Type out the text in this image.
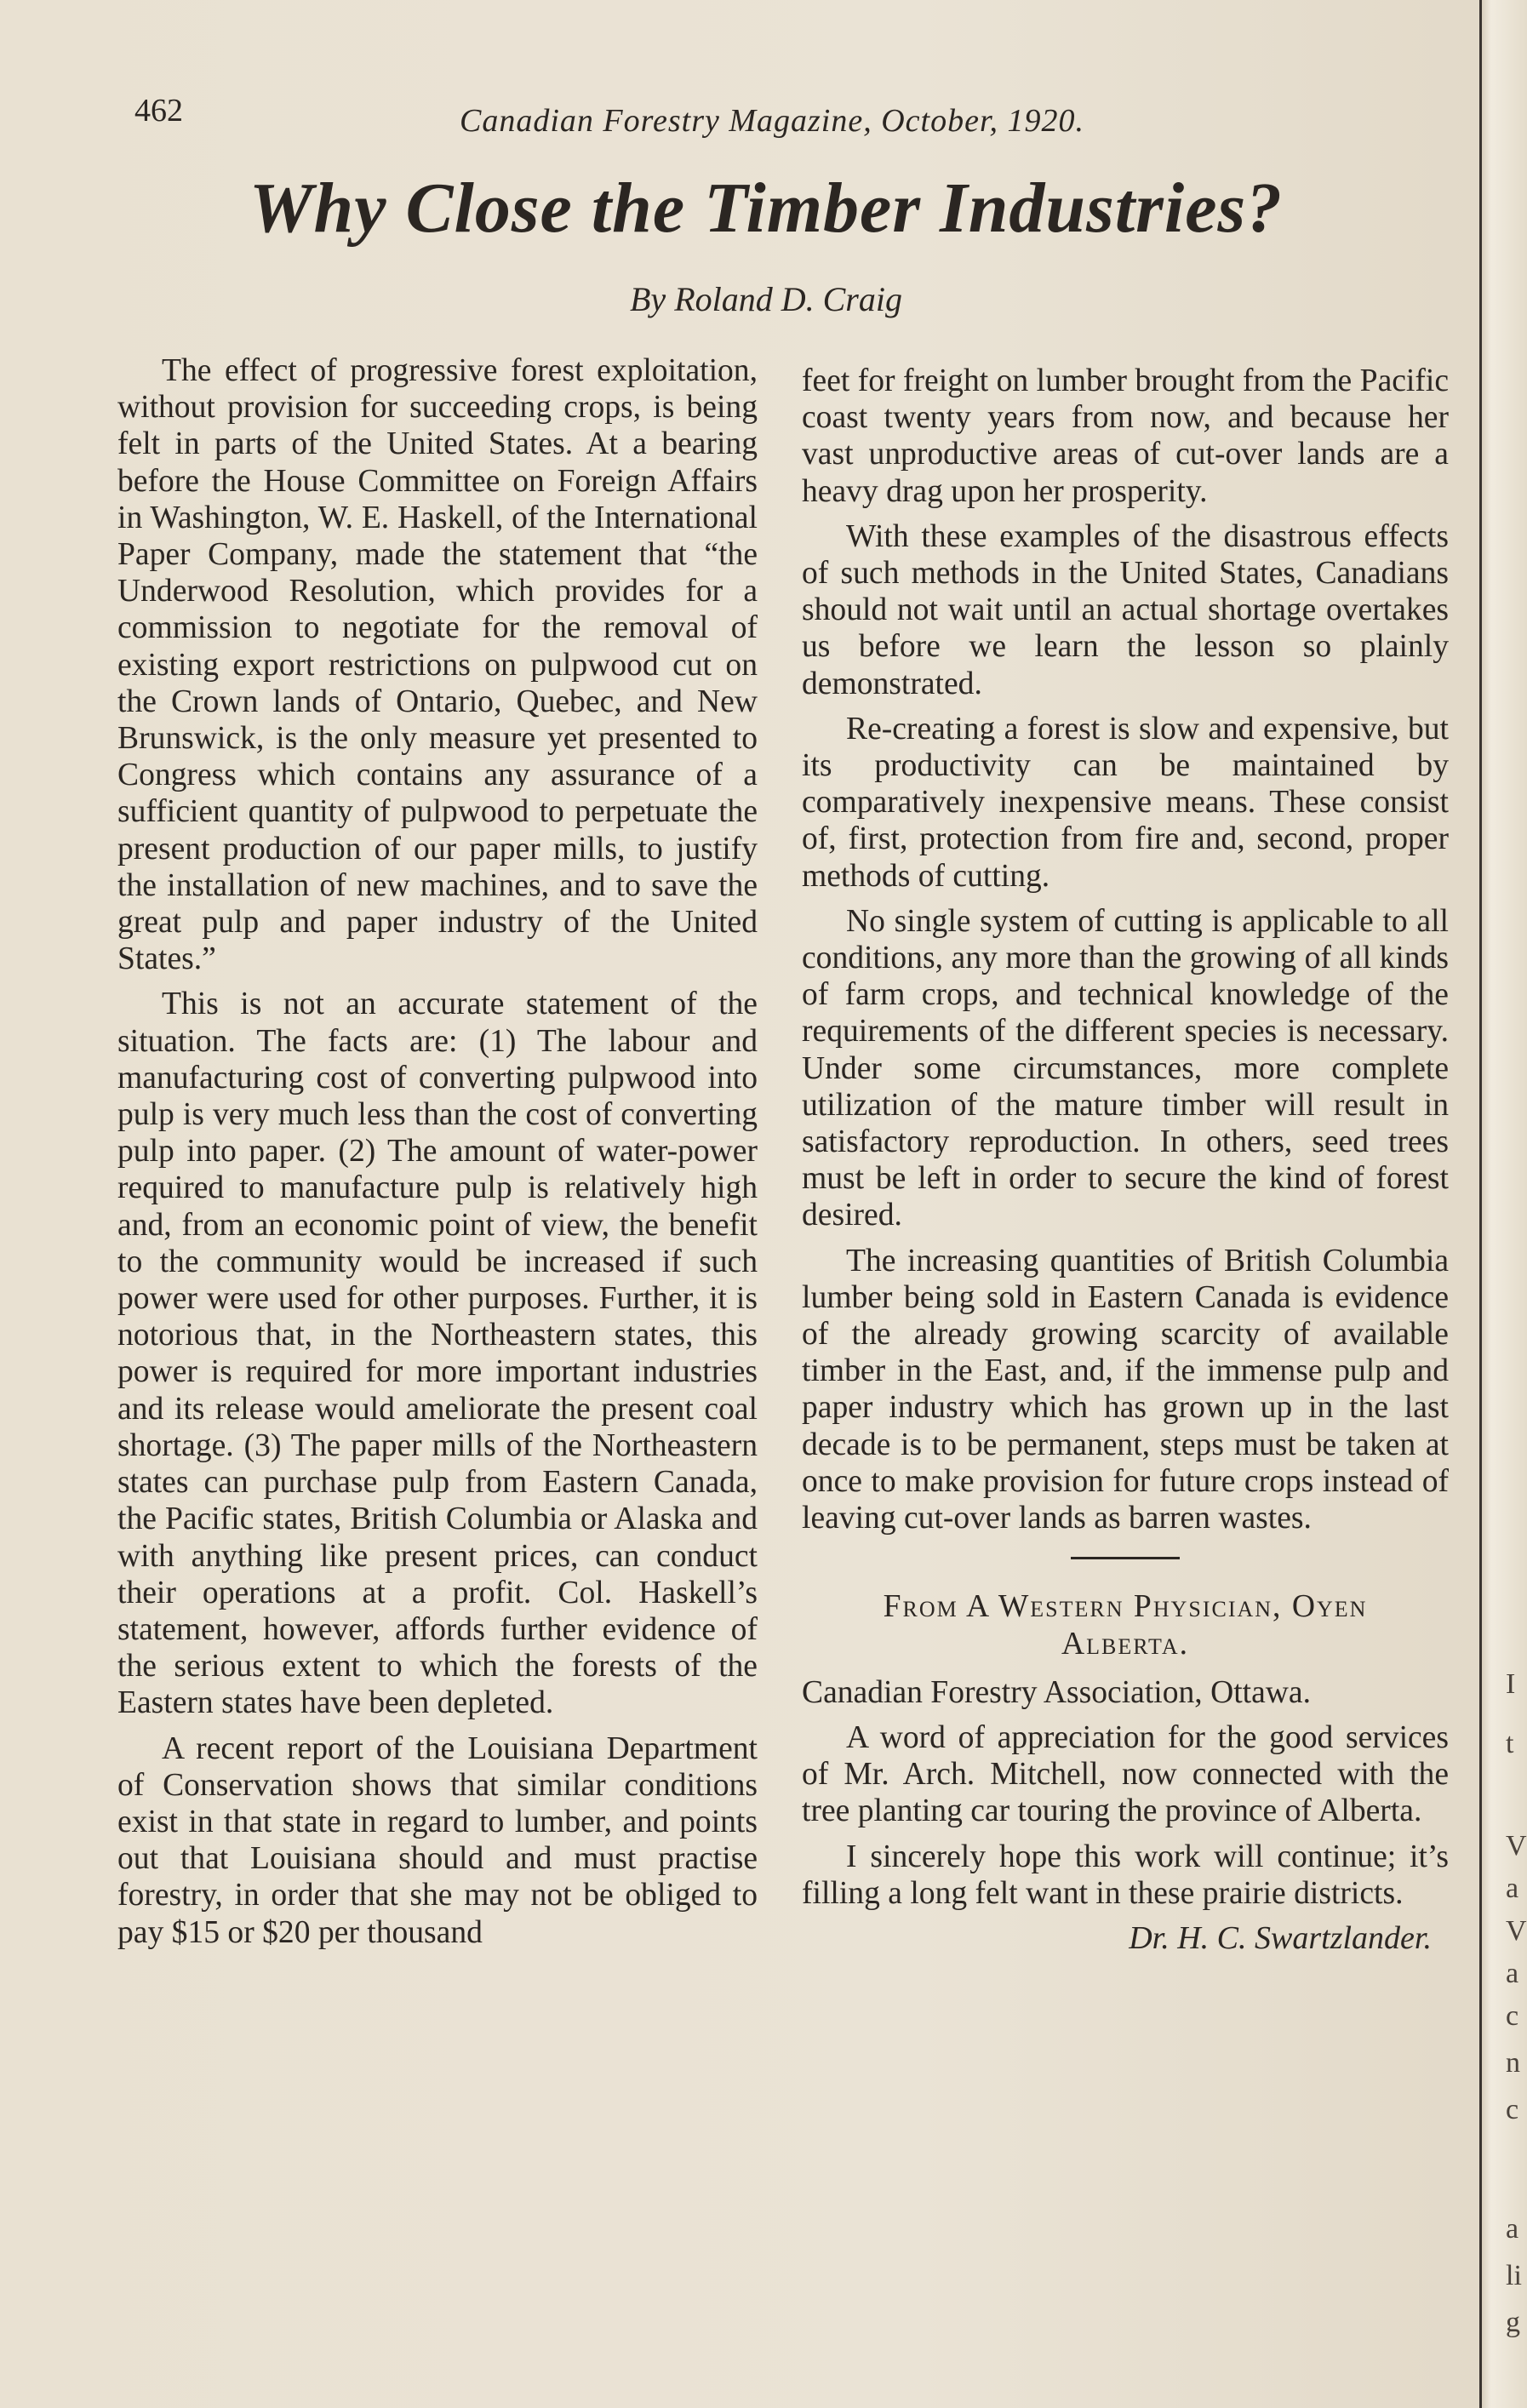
462	Canadian Forestry Magazine, October, 1920.
Why Close the Timber Industries?
By Roland D. Craig

The effect of progressive forest exploitation, without provision for succeeding crops, is being felt in parts of the United States. At a bearing before the House Committee on Foreign Affairs in Washington, W. E. Haskell, of the International Paper Company, made the statement that “the Underwood Resolution, which provides for a commission to negotiate for the removal of existing export restrictions on pulpwood cut on the Crown lands of Ontario, Quebec, and New Brunswick, is the only measure yet presented to Congress which contains any assurance of a sufficient quantity of pulpwood to perpetuate the present production of our paper mills, to justify the installation of new machines, and to save the great pulp and paper industry of the United States.”

This is not an accurate statement of the situation. The facts are: (1) The labour and manufacturing cost of converting pulpwood into pulp is very much less than the cost of converting pulp into paper. (2) The amount of water-power required to manufacture pulp is relatively high and, from an economic point of view, the benefit to the community would be increased if such power were used for other purposes. Further, it is notorious that, in the Northeastern states, this power is required for more important industries and its release would ameliorate the present coal shortage. (3) The paper mills of the Northeastern states can purchase pulp from Eastern Canada, the Pacific states, British Columbia or Alaska and with anything like present prices, can conduct their operations at a profit. Col. Haskell’s statement, however, affords further evidence of the serious extent to which the forests of the Eastern states have been depleted.

A recent report of the Louisiana Department of Conservation shows that similar conditions exist in that state in regard to lumber, and points out that Louisiana should and must practise forestry, in order that she may not be obliged to pay $15 or $20 per thousand

feet for freight on lumber brought from the Pacific coast twenty years from now, and because her vast unproductive areas of cut-over lands are a heavy drag upon her prosperity.

With these examples of the disastrous effects of such methods in the United States, Canadians should not wait until an actual shortage overtakes us before we learn the lesson so plainly demonstrated.

Re-creating a forest is slow and expensive, but its productivity can be maintained by comparatively inexpensive means. These consist of, first, protection from fire and, second, proper methods of cutting.

No single system of cutting is applicable to all conditions, any more than the growing of all kinds of farm crops, and technical knowledge of the requirements of the different species is necessary. Under some circumstances, more complete utilization of the mature timber will result in satisfactory reproduction. In others, seed trees must be left in order to secure the kind of forest desired.

The increasing quantities of British Columbia lumber being sold in Eastern Canada is evidence of the already growing scarcity of available timber in the East, and, if the immense pulp and paper industry which has grown up in the last decade is to be permanent, steps must be taken at once to make provision for future crops instead of leaving cut-over lands as barren wastes.

From A Western Physician, Oyen
Alberta.

Canadian Forestry Association, Ottawa.

A word of appreciation for the good services of Mr. Arch. Mitchell, now connected with the tree planting car touring the province of Alberta.

I sincerely hope this work will continue; it’s filling a long felt want in these prairie districts.

Dr. H. C. Swartzlander.
I
t
V
a
V
a
c
n
c
a
li
g
